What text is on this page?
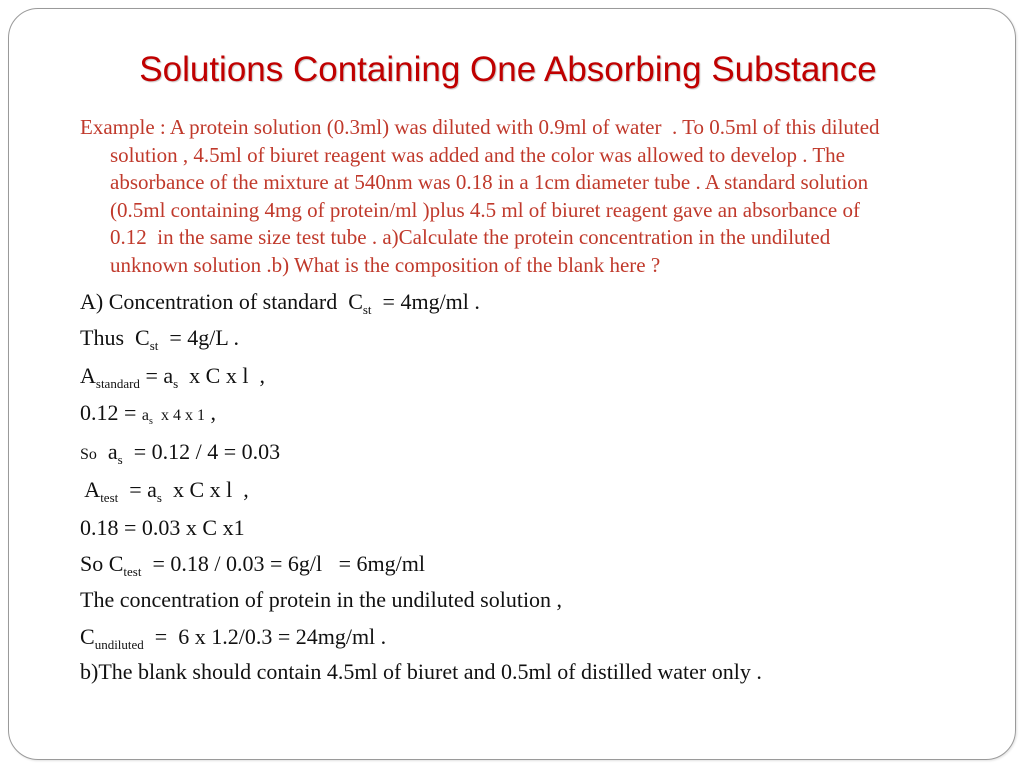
Solutions Containing One Absorbing Substance
Example : A protein solution (0.3ml) was diluted with 0.9ml of water  . To 0.5ml of this diluted
solution , 4.5ml of biuret reagent was added and the color was allowed to develop . The
absorbance of the mixture at 540nm was 0.18 in a 1cm diameter tube . A standard solution
(0.5ml containing 4mg of protein/ml )plus 4.5 ml of biuret reagent gave an absorbance of
0.12  in the same size test tube . a)Calculate the protein concentration in the undiluted
unknown solution .b) What is the composition of the blank here ?
A) Concentration of standard  $C_{st} = 4mg/ml$ .
Thus  $C_{st} = 4g/L$ .
$A_{standard} = a_s$  x C x l  ,
0.12 = as  x 4 x 1 ,
So  $a_s = 0.12 / 4 = 0.03$
$A_{test} = a_s$  x C x l  ,
0.18 = 0.03 x C x1
So $C_{test} = 0.18 / 0.03 = 6g/l = 6mg/ml$
The concentration of protein in the undiluted solution ,
$C_{undiluted} = 6$ x 1.2/0.3 = 24mg/ml .
b)The blank should contain 4.5ml of biuret and 0.5ml of distilled water only .
